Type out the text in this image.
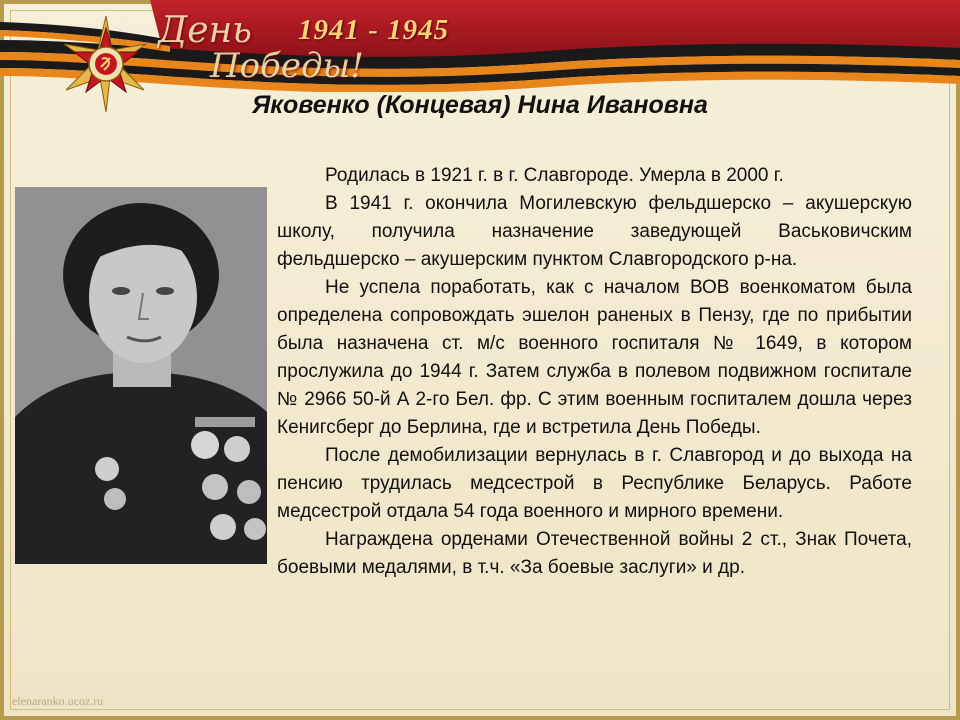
День
Победы!
1941 - 1945
Яковенко (Концевая) Нина Ивановна

Родилась в 1921 г. в г. Славгороде. Умерла в 2000 г.

В 1941 г. окончила Могилевскую фельдшерско – акушерскую школу, получила назначение заведующей Васьковичским фельдшерско – акушерским пунктом Славгородского р-на.

Не успела поработать, как с началом ВОВ военкоматом была определена сопровождать эшелон раненых в Пензу, где по прибытии была назначена ст. м/с военного госпиталя № 1649, в котором прослужила до 1944 г. Затем служба в полевом подвижном госпитале № 2966 50-й А 2-го Бел. фр. С этим военным госпиталем дошла через Кенигсберг до Берлина, где и встретила День Победы.

После демобилизации вернулась в г. Славгород и до выхода на пенсию трудилась медсестрой в Республике Беларусь. Работе медсестрой отдала 54 года военного и мирного времени.

Награждена орденами Отечественной войны 2 ст., Знак Почета, боевыми медалями, в т.ч. «За боевые заслуги» и др.

elenaranko.ucoz.ru
